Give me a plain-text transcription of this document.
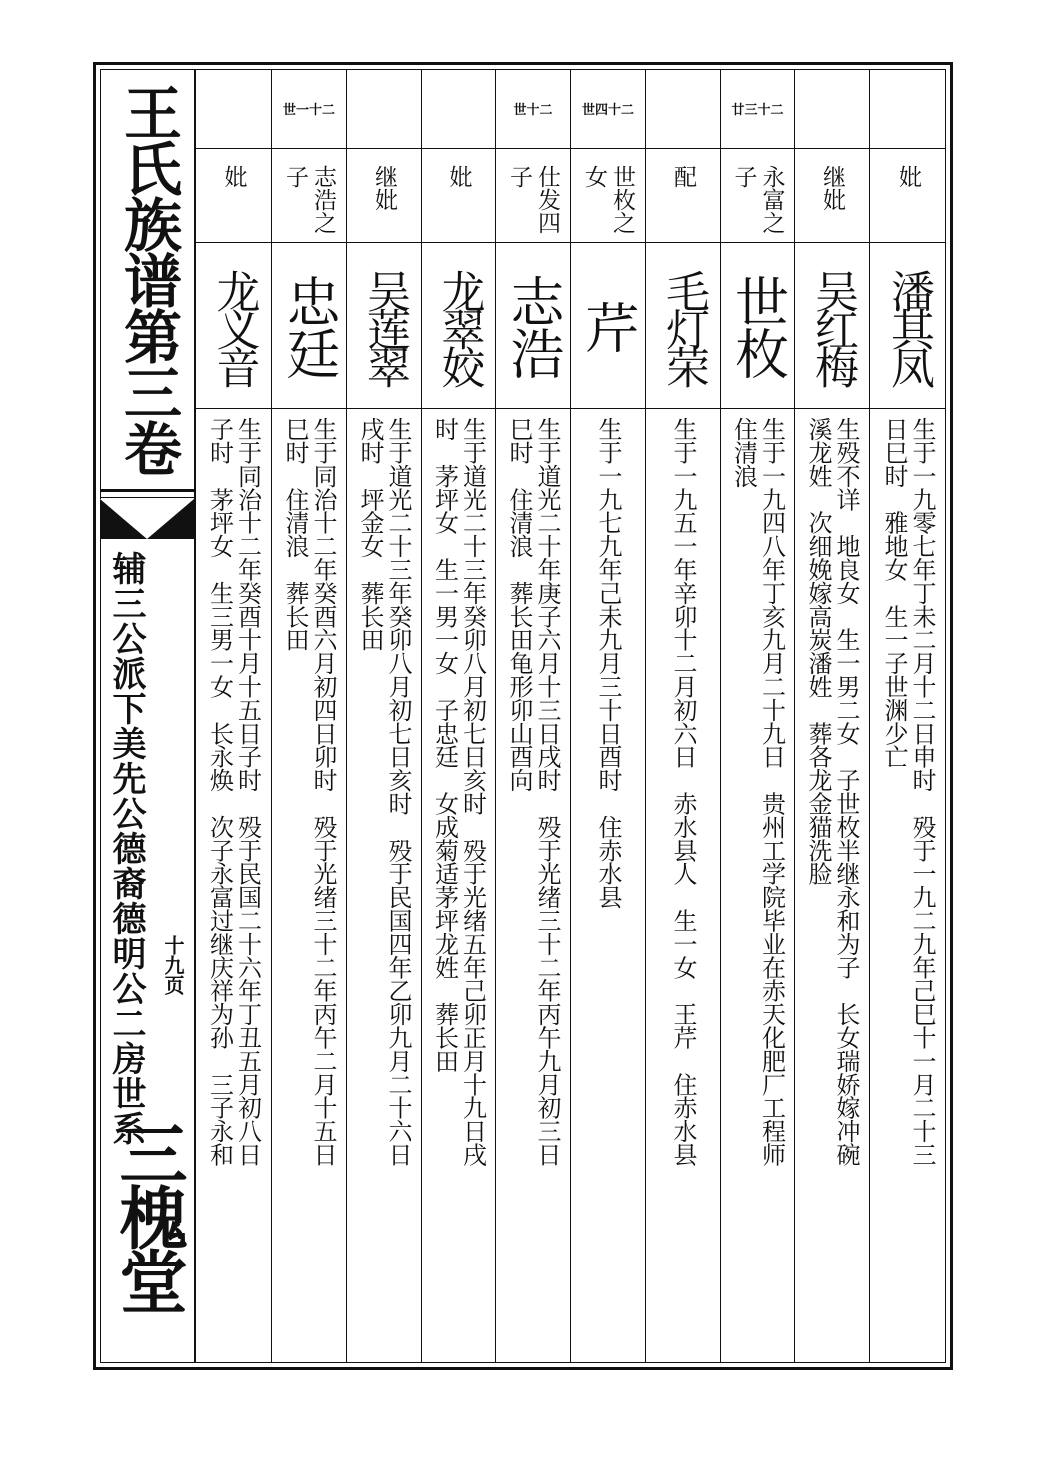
王氏族谱第三卷
辅三公派下美先公德裔德明公二房世系 十九页
三槐堂
妣
龙义音
生于同治十二年癸酉十月十五日子时　殁于民国二十六年丁丑五月初八日
子时　茅坪女　生三男一女　长永焕　次子永富过继庆祥为孙　三子永和
世一十二
志浩之子
忠廷
生于同治十二年癸酉六月初四日卯时　殁于光绪三十二年丙午二月十五日
巳时　住清浪　葬长田
继妣
吴莲翠
生于道光二十三年癸卯八月初七日亥时　殁于民国四年乙卯九月二十六日
戌时　坪金女　葬长田
妣
龙翠姣
生于道光二十三年癸卯八月初七日亥时　殁于光绪五年己卯正月十九日戌
时　茅坪女　生一男一女　子忠廷　女成菊适茅坪龙姓　葬长田
世十二
仕发四子
志浩
生于道光二十年庚子六月十三日戌时　殁于光绪三十二年丙午九月初三日
巳时　住清浪　葬长田龟形卯山酉向
世四十二
世枚之女
芹
生于一九七九年己未九月三十日酉时　住赤水县
配
毛灯荣
生于一九五一年辛卯十二月初六日　赤水县人　生一女　王芹　住赤水县
廿三十二
永富之子
世枚
生于一九四八年丁亥九月二十九日　贵州工学院毕业在赤天化肥厂工程师
住清浪
继妣
吴红梅
生殁不详　地良女　生一男二女　子世枚半继永和为子　长女瑞娇嫁冲碗
溪龙姓　次细娩嫁高炭潘姓　葬各龙金猫洗脸
妣
潘其凤
生于一九零七年丁未二月十二日申时　殁于一九二九年己巳十一月二十三
日巳时　雅地女　生一子世渊少亡
